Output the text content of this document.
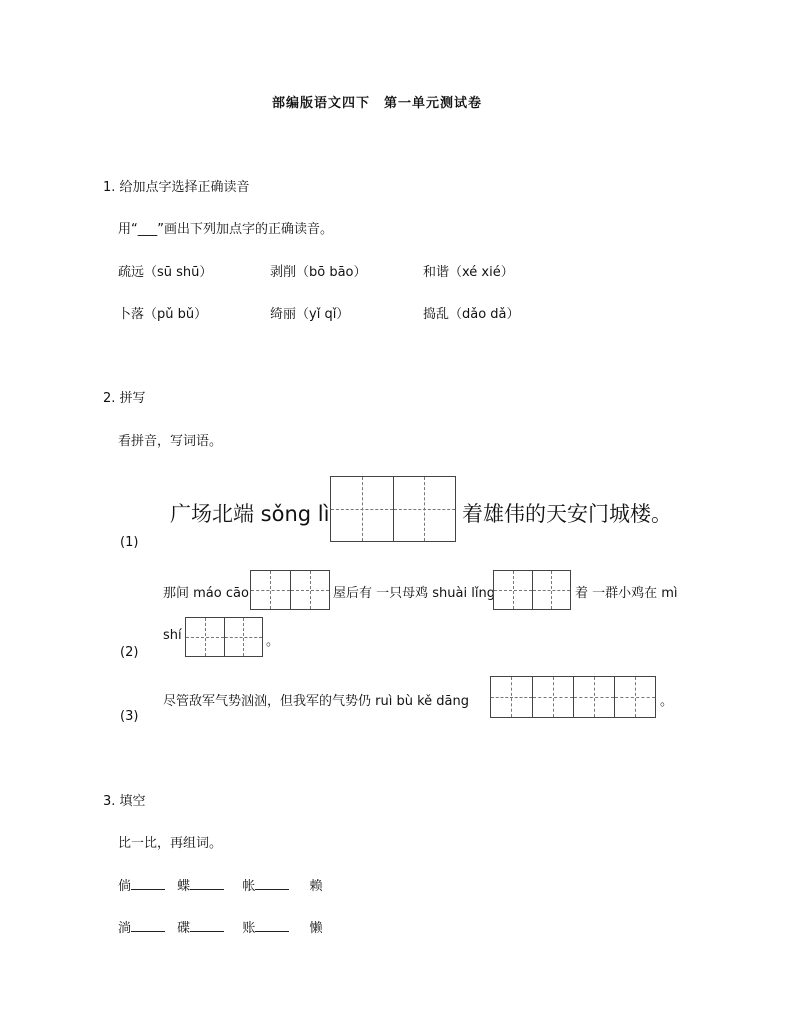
部编版语文四下　第一单元测试卷
1. 给加点字选择正确读音
用“___”画出下列加点字的正确读音。
疏远（sū shū）	剥削（bō bāo）	和谐（xé xié）
卜落（pǔ bǔ）	绮丽（yǐ qǐ）	捣乱（dǎo dǎ）
2. 拼写
看拼音，写词语。
广场北端 sǒng lì	着雄伟的天安门城楼。
(1)
那间 máo cāo	屋后有 一只母鸡 shuài lǐng	着 一群小鸡在 mì
shí	。
(2)
尽管敌军气势汹汹，但我军的气势仍 ruì bù kě dāng	。
(3)
3. 填空
比一比，再组词。
倘	蝶	帐	赖
淌	碟	账	懒
